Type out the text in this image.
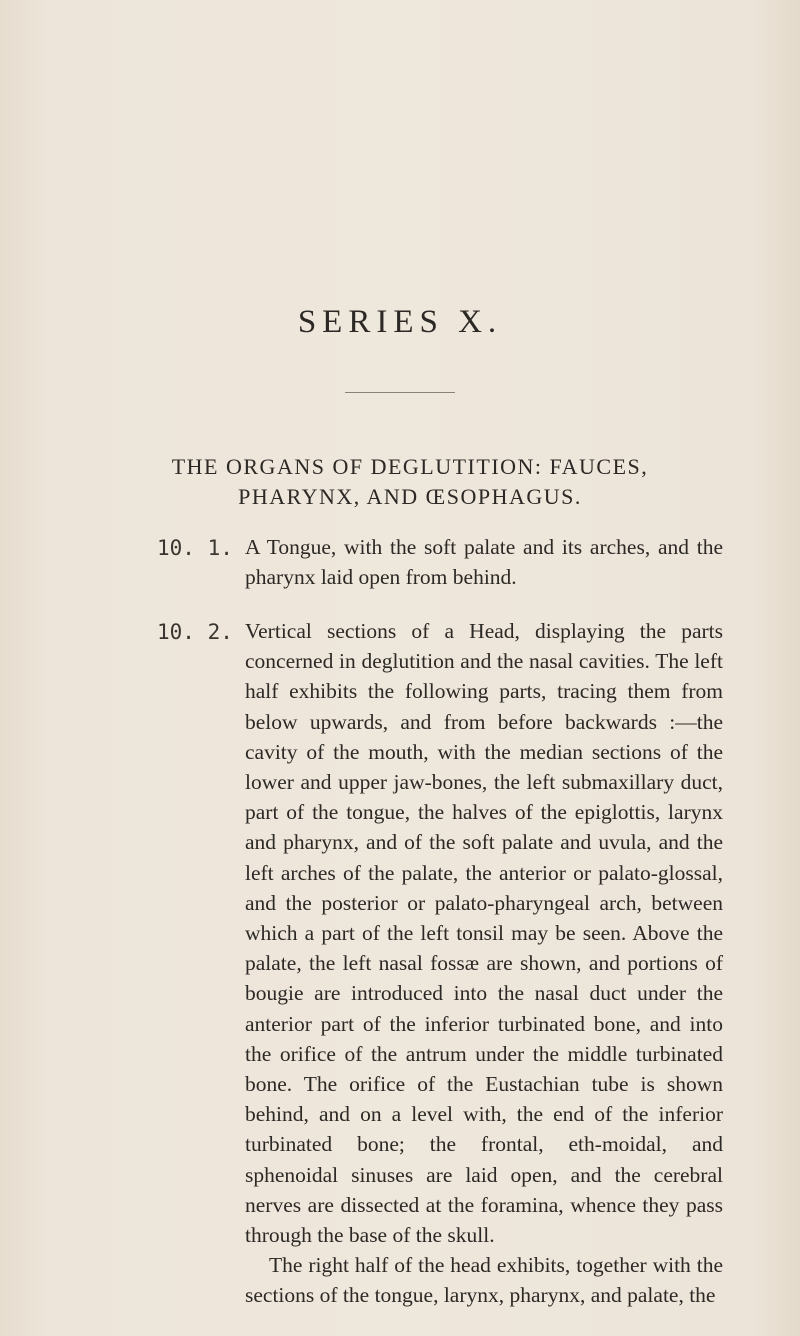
SERIES X.
THE ORGANS OF DEGLUTITION: FAUCES,
PHARYNX, AND ŒSOPHAGUS.
10. 1. A Tongue, with the soft palate and its arches, and the pharynx laid open from behind.
10. 2. Vertical sections of a Head, displaying the parts concerned in deglutition and the nasal cavities. The left half exhibits the following parts, tracing them from below upwards, and from before backwards :—the cavity of the mouth, with the median sections of the lower and upper jaw-bones, the left submaxillary duct, part of the tongue, the halves of the epiglottis, larynx and pharynx, and of the soft palate and uvula, and the left arches of the palate, the anterior or palato-glossal, and the posterior or palato-pharyngeal arch, between which a part of the left tonsil may be seen. Above the palate, the left nasal fossæ are shown, and portions of bougie are introduced into the nasal duct under the anterior part of the inferior turbinated bone, and into the orifice of the antrum under the middle turbinated bone. The orifice of the Eustachian tube is shown behind, and on a level with, the end of the inferior turbinated bone; the frontal, eth-moidal, and sphenoidal sinuses are laid open, and the cerebral nerves are dissected at the foramina, whence they pass through the base of the skull.
The right half of the head exhibits, together with the sections of the tongue, larynx, pharynx, and palate, the
